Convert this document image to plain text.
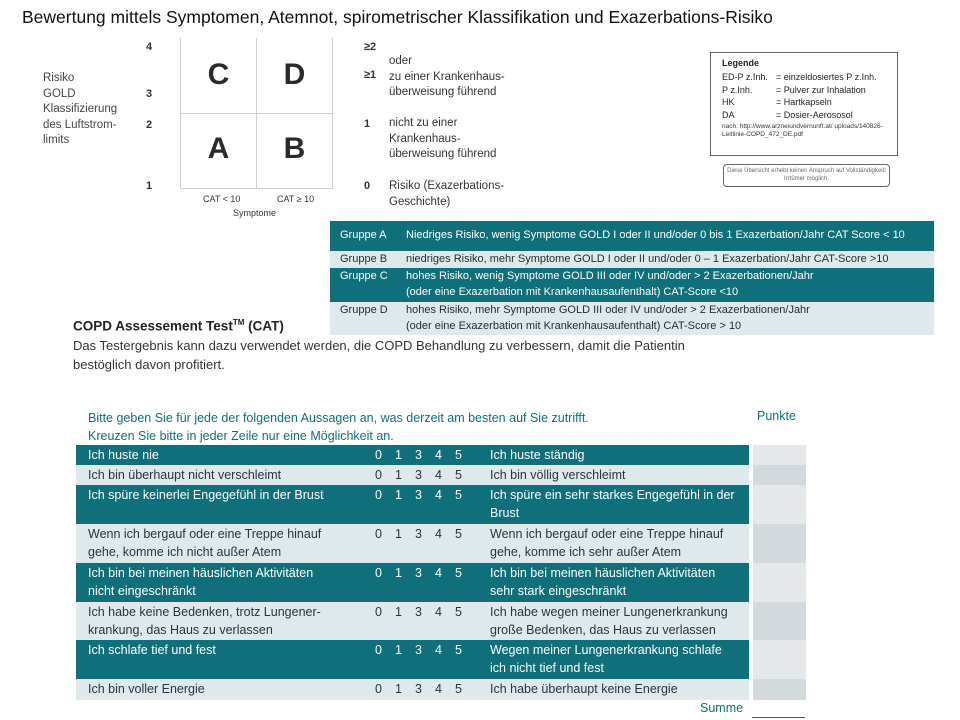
Bewertung mittels Symptomen, Atemnot, spirometrischer Klassifikation und Exazerbations-Risiko
Risiko
GOLD
Klassifizierung
des Luftstrom-
limits
4
3
2
1
C	D
A	B
CAT < 10	CAT ≥ 10
Symptome
≥2
≥1
oder
zu einer Krankenhaus-
überweisung führend
1 nicht zu einer
Krankenhaus-
überweisung führend
0 Risiko (Exazerbations-
Geschichte)
Legende
ED-P z.Inh. = einzeldosiertes P z.Inh.
P z.Inh.	= Pulver zur Inhalation
HK	= Hartkapseln
DA	= Dosier-Aerososol
nach: http://www.arzneiundvernunft.at/ uploads/140826-Leitlinie-COPD_472_DE.pdf
Diese Übersicht erhebt keinen Anspruch auf Vollständigkeit! Irrtümer möglich.
Gruppe A	Niedriges Risiko, wenig Symptome GOLD I oder II und/oder 0 bis 1 Exazerbation/Jahr CAT Score < 10
Gruppe B	niedriges Risiko, mehr Symptome GOLD I oder II und/oder 0 – 1 Exazerbation/Jahr CAT-Score >10
Gruppe C	hohes Risiko, wenig Symptome GOLD III oder IV und/oder > 2 Exazerbationen/Jahr
(oder eine Exazerbation mit Krankenhausaufenthalt) CAT-Score <10
Gruppe D	hohes Risiko, mehr Symptome GOLD III oder IV und/oder > 2 Exazerbationen/Jahr
(oder eine Exazerbation mit Krankenhausaufenthalt) CAT-Score > 10
COPD Assessement Test™ (CAT)
Das Testergebnis kann dazu verwendet werden, die COPD Behandlung zu verbessern, damit die Patientin bestöglich davon profitiert.
Bitte geben Sie für jede der folgenden Aussagen an, was derzeit am besten auf Sie zutrifft.
Kreuzen Sie bitte in jeder Zeile nur eine Möglichkeit an.
Punkte
Ich huste nie	0	1	3	4	5	Ich huste ständig
Ich bin überhaupt nicht verschleimt	0	1	3	4	5	Ich bin völlig verschleimt
Ich spüre keinerlei Engegefühl in der Brust	0	1	3	4	5	Ich spüre ein sehr starkes Engegefühl in der
Brust
Wenn ich bergauf oder eine Treppe hinauf
gehe, komme ich nicht außer Atem
0	1	3	4	5	Wenn ich bergauf oder eine Treppe hinauf
gehe, komme ich sehr außer Atem
Ich bin bei meinen häuslichen Aktivitäten
nicht eingeschränkt
0	1	3	4	5	Ich bin bei meinen häuslichen Aktivitäten
sehr stark eingeschränkt
Ich habe keine Bedenken, trotz Lungener-
krankung, das Haus zu verlassen
0	1	3	4	5	Ich habe wegen meiner Lungenerkrankung
große Bedenken, das Haus zu verlassen
Ich schlafe tief und fest	0	1	3	4	5	Wegen meiner Lungenerkrankung schlafe
ich nicht tief und fest
Ich bin voller Energie	0	1	3	4	5	Ich habe überhaupt keine Energie
Summe
